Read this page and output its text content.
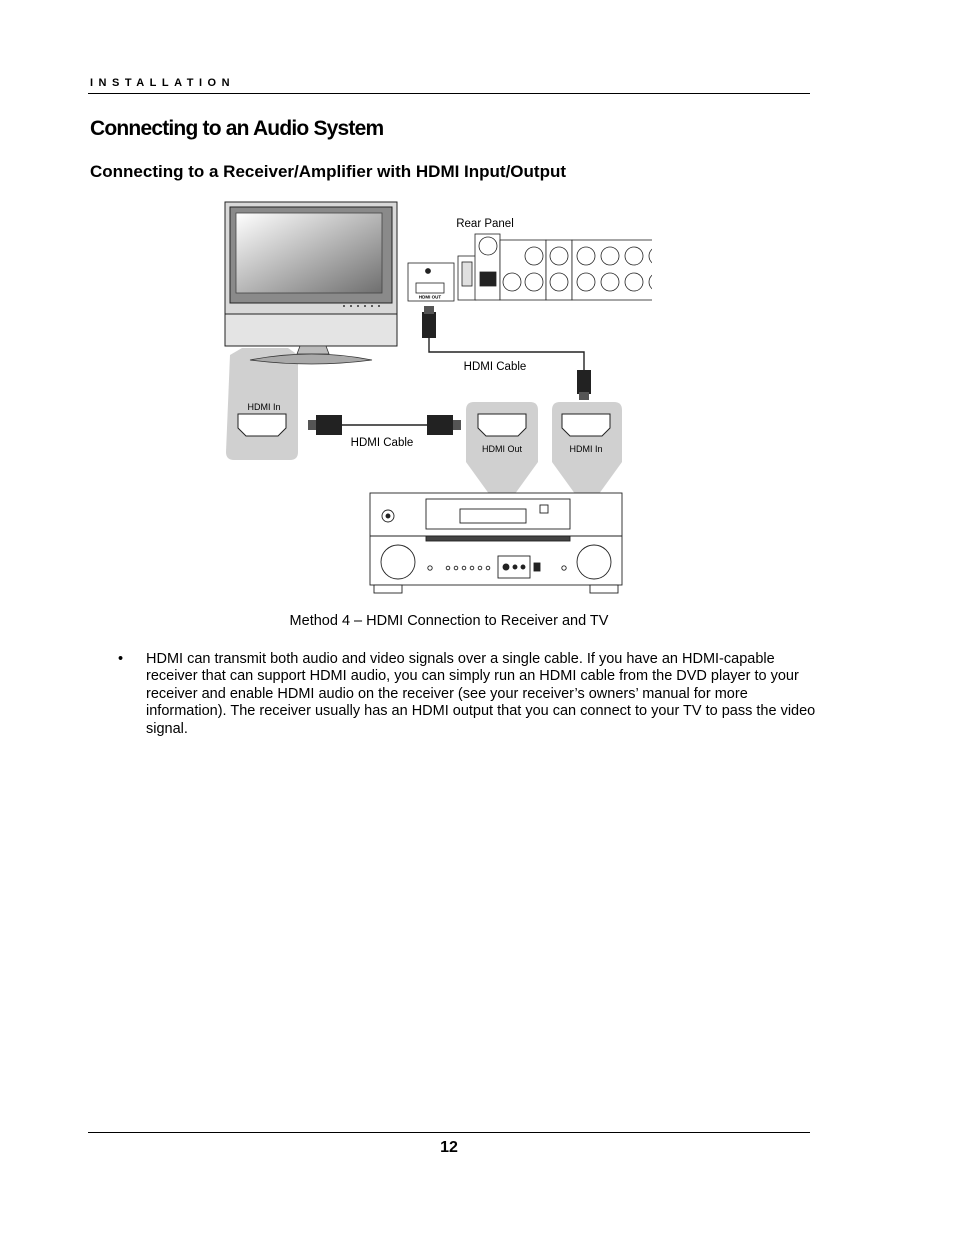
INSTALLATION
Connecting to an Audio System
Connecting to a Receiver/Amplifier with HDMI Input/Output
Rear Panel
HDMI OUT
HDMI Cable
HDMI Cable
HDMI In
HDMI Out	HDMI In
Method 4 – HDMI Connection to Receiver and TV
• HDMI can transmit both audio and video signals over a single cable. If you have an HDMI-capable receiver that can support HDMI audio, you can simply run an HDMI cable from the DVD player to your receiver and enable HDMI audio on the receiver (see your receiver’s owners’ manual for more information). The receiver usually has an HDMI output that you can connect to your TV to pass the video signal.
12
